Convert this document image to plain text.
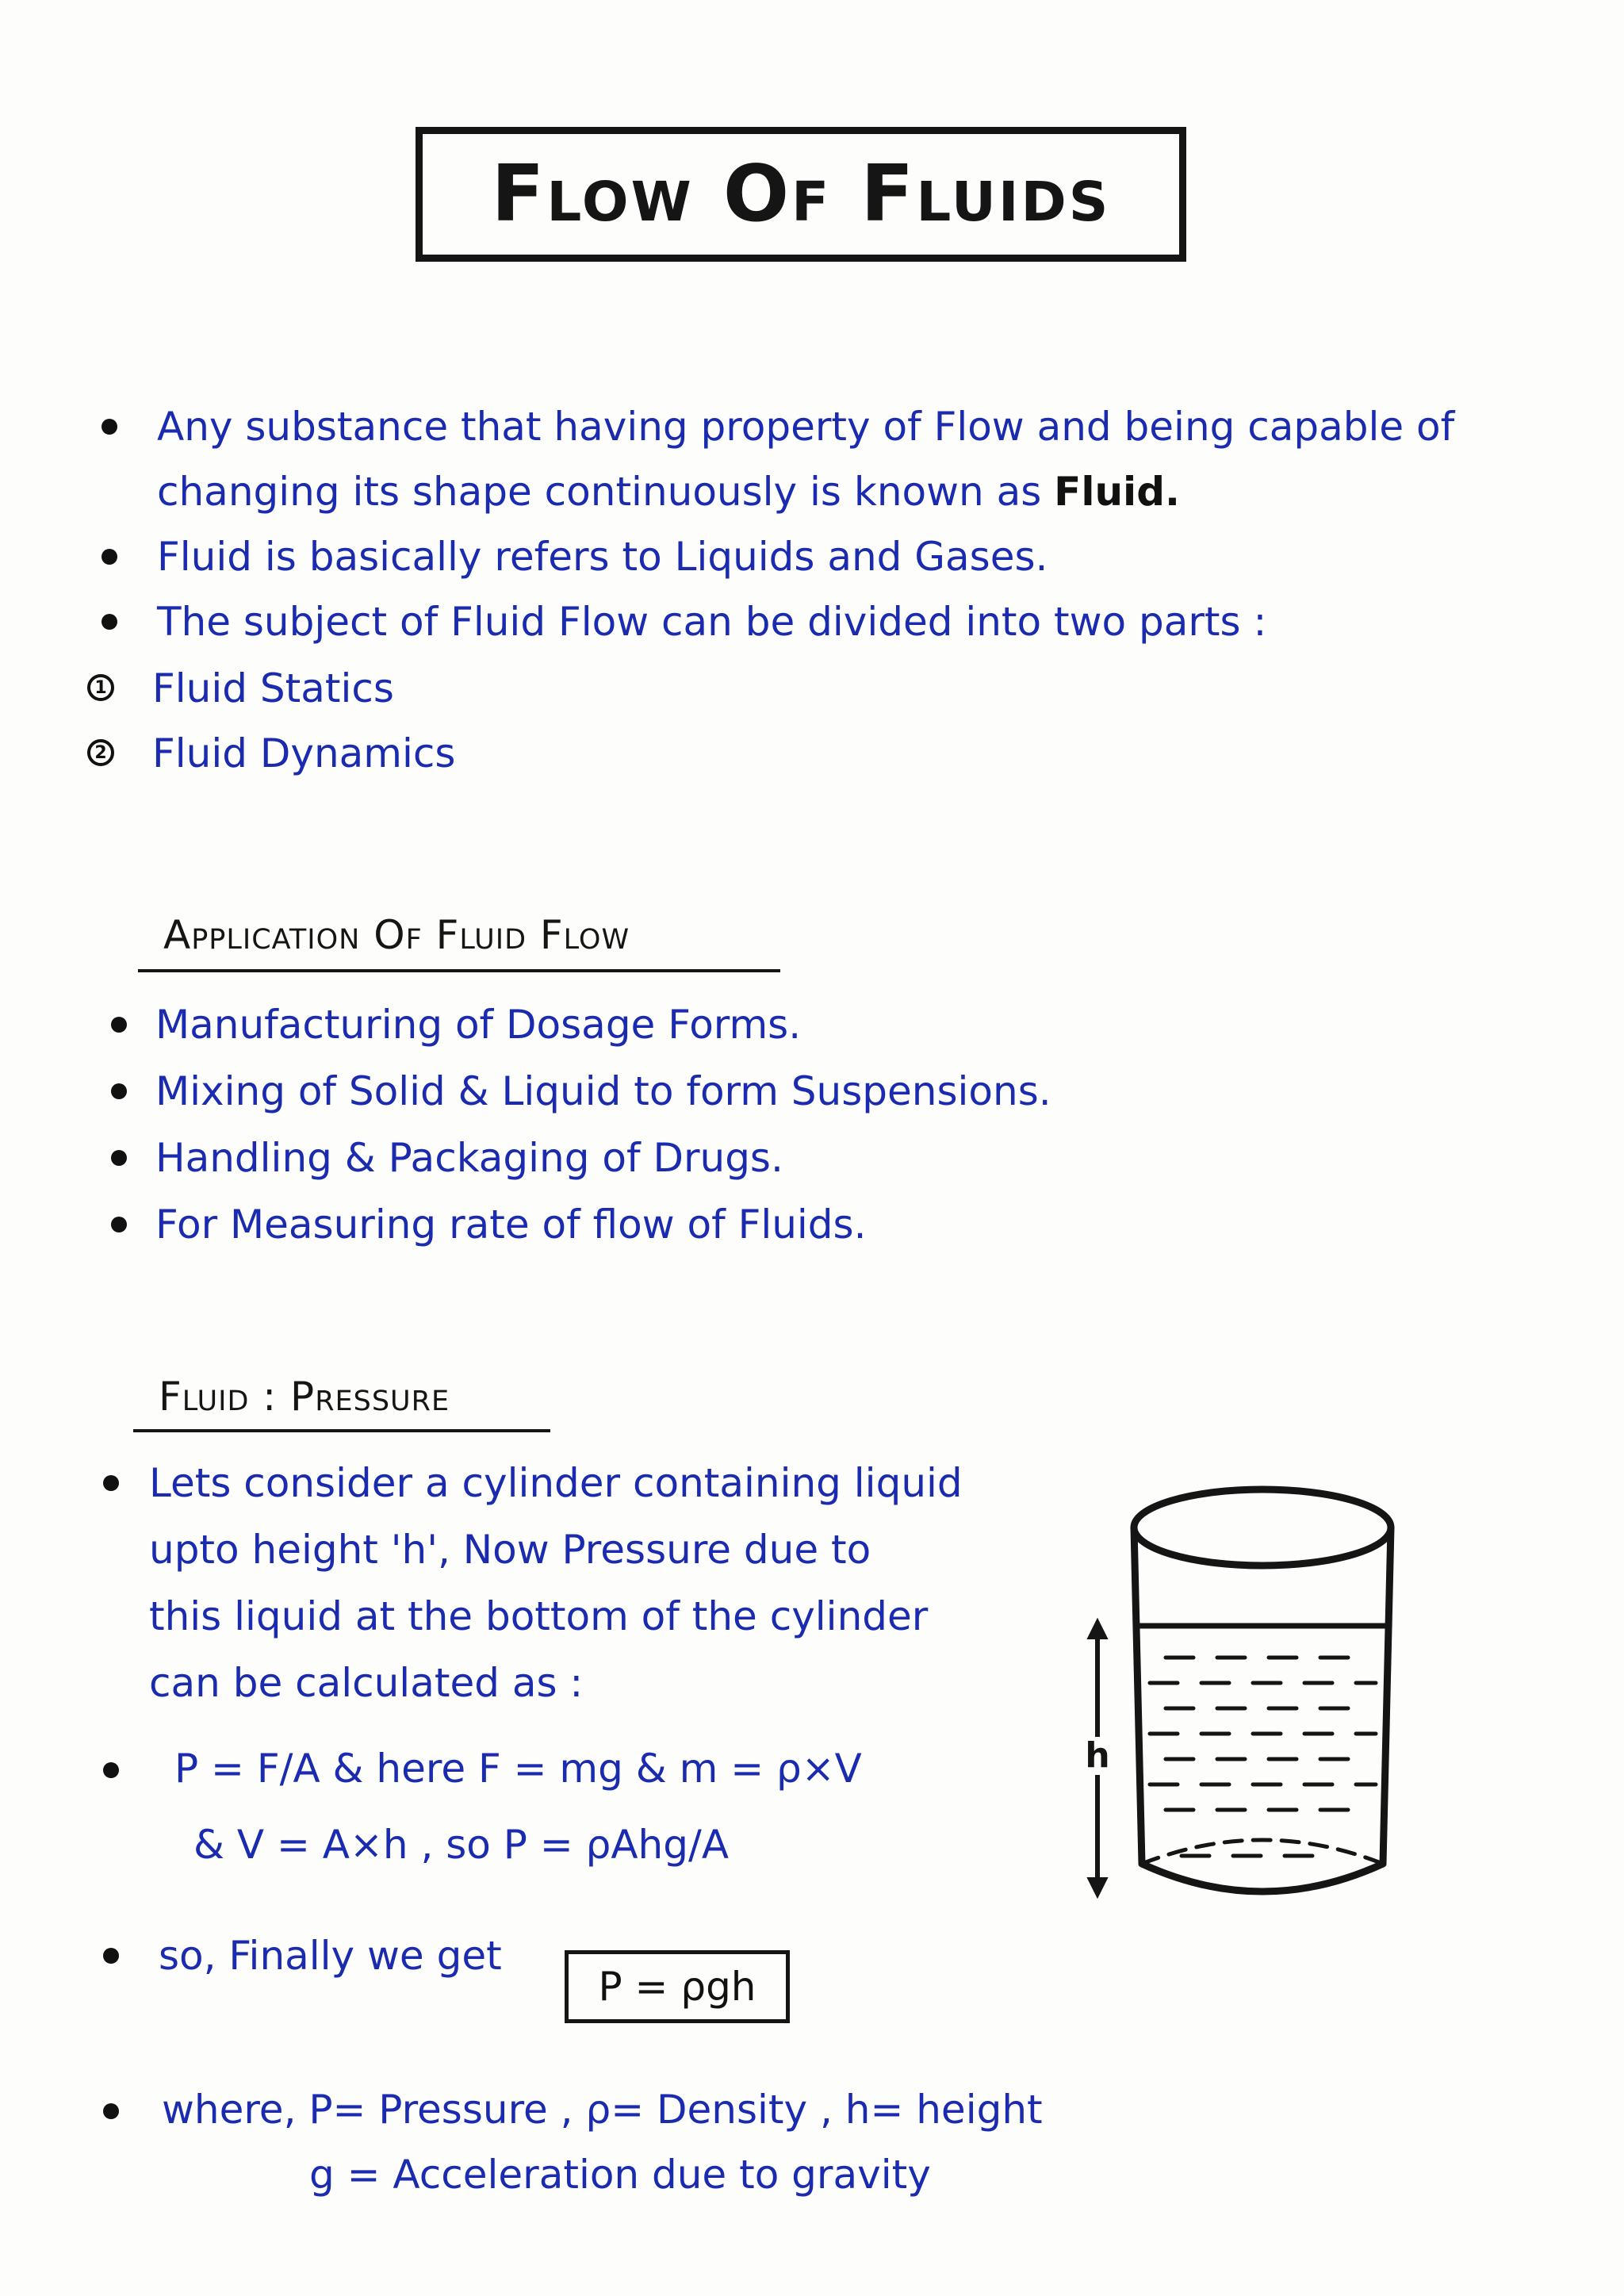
Flow Of Fluids
Any substance that having property of Flow and being capable of
changing its shape continuously is known as Fluid.
Fluid is basically refers to Liquids and Gases.
The subject of Fluid Flow can be divided into two parts :
1 Fluid Statics
2 Fluid Dynamics
Application Of Fluid Flow
Manufacturing of Dosage Forms.
Mixing of Solid & Liquid to form Suspensions.
Handling & Packaging of Drugs.
For Measuring rate of flow of Fluids.
Fluid : Pressure
Lets consider a cylinder containing liquid
upto height 'h', Now Pressure due to
this liquid at the bottom of the cylinder
can be calculated as :
P = F/A & here F = mg & m = ρ×V
& V = A×h , so P = ρAhg/A
so, Finally we get
P = ρgh
where, P= Pressure , ρ= Density , h= height
g = Acceleration due to gravity
h
